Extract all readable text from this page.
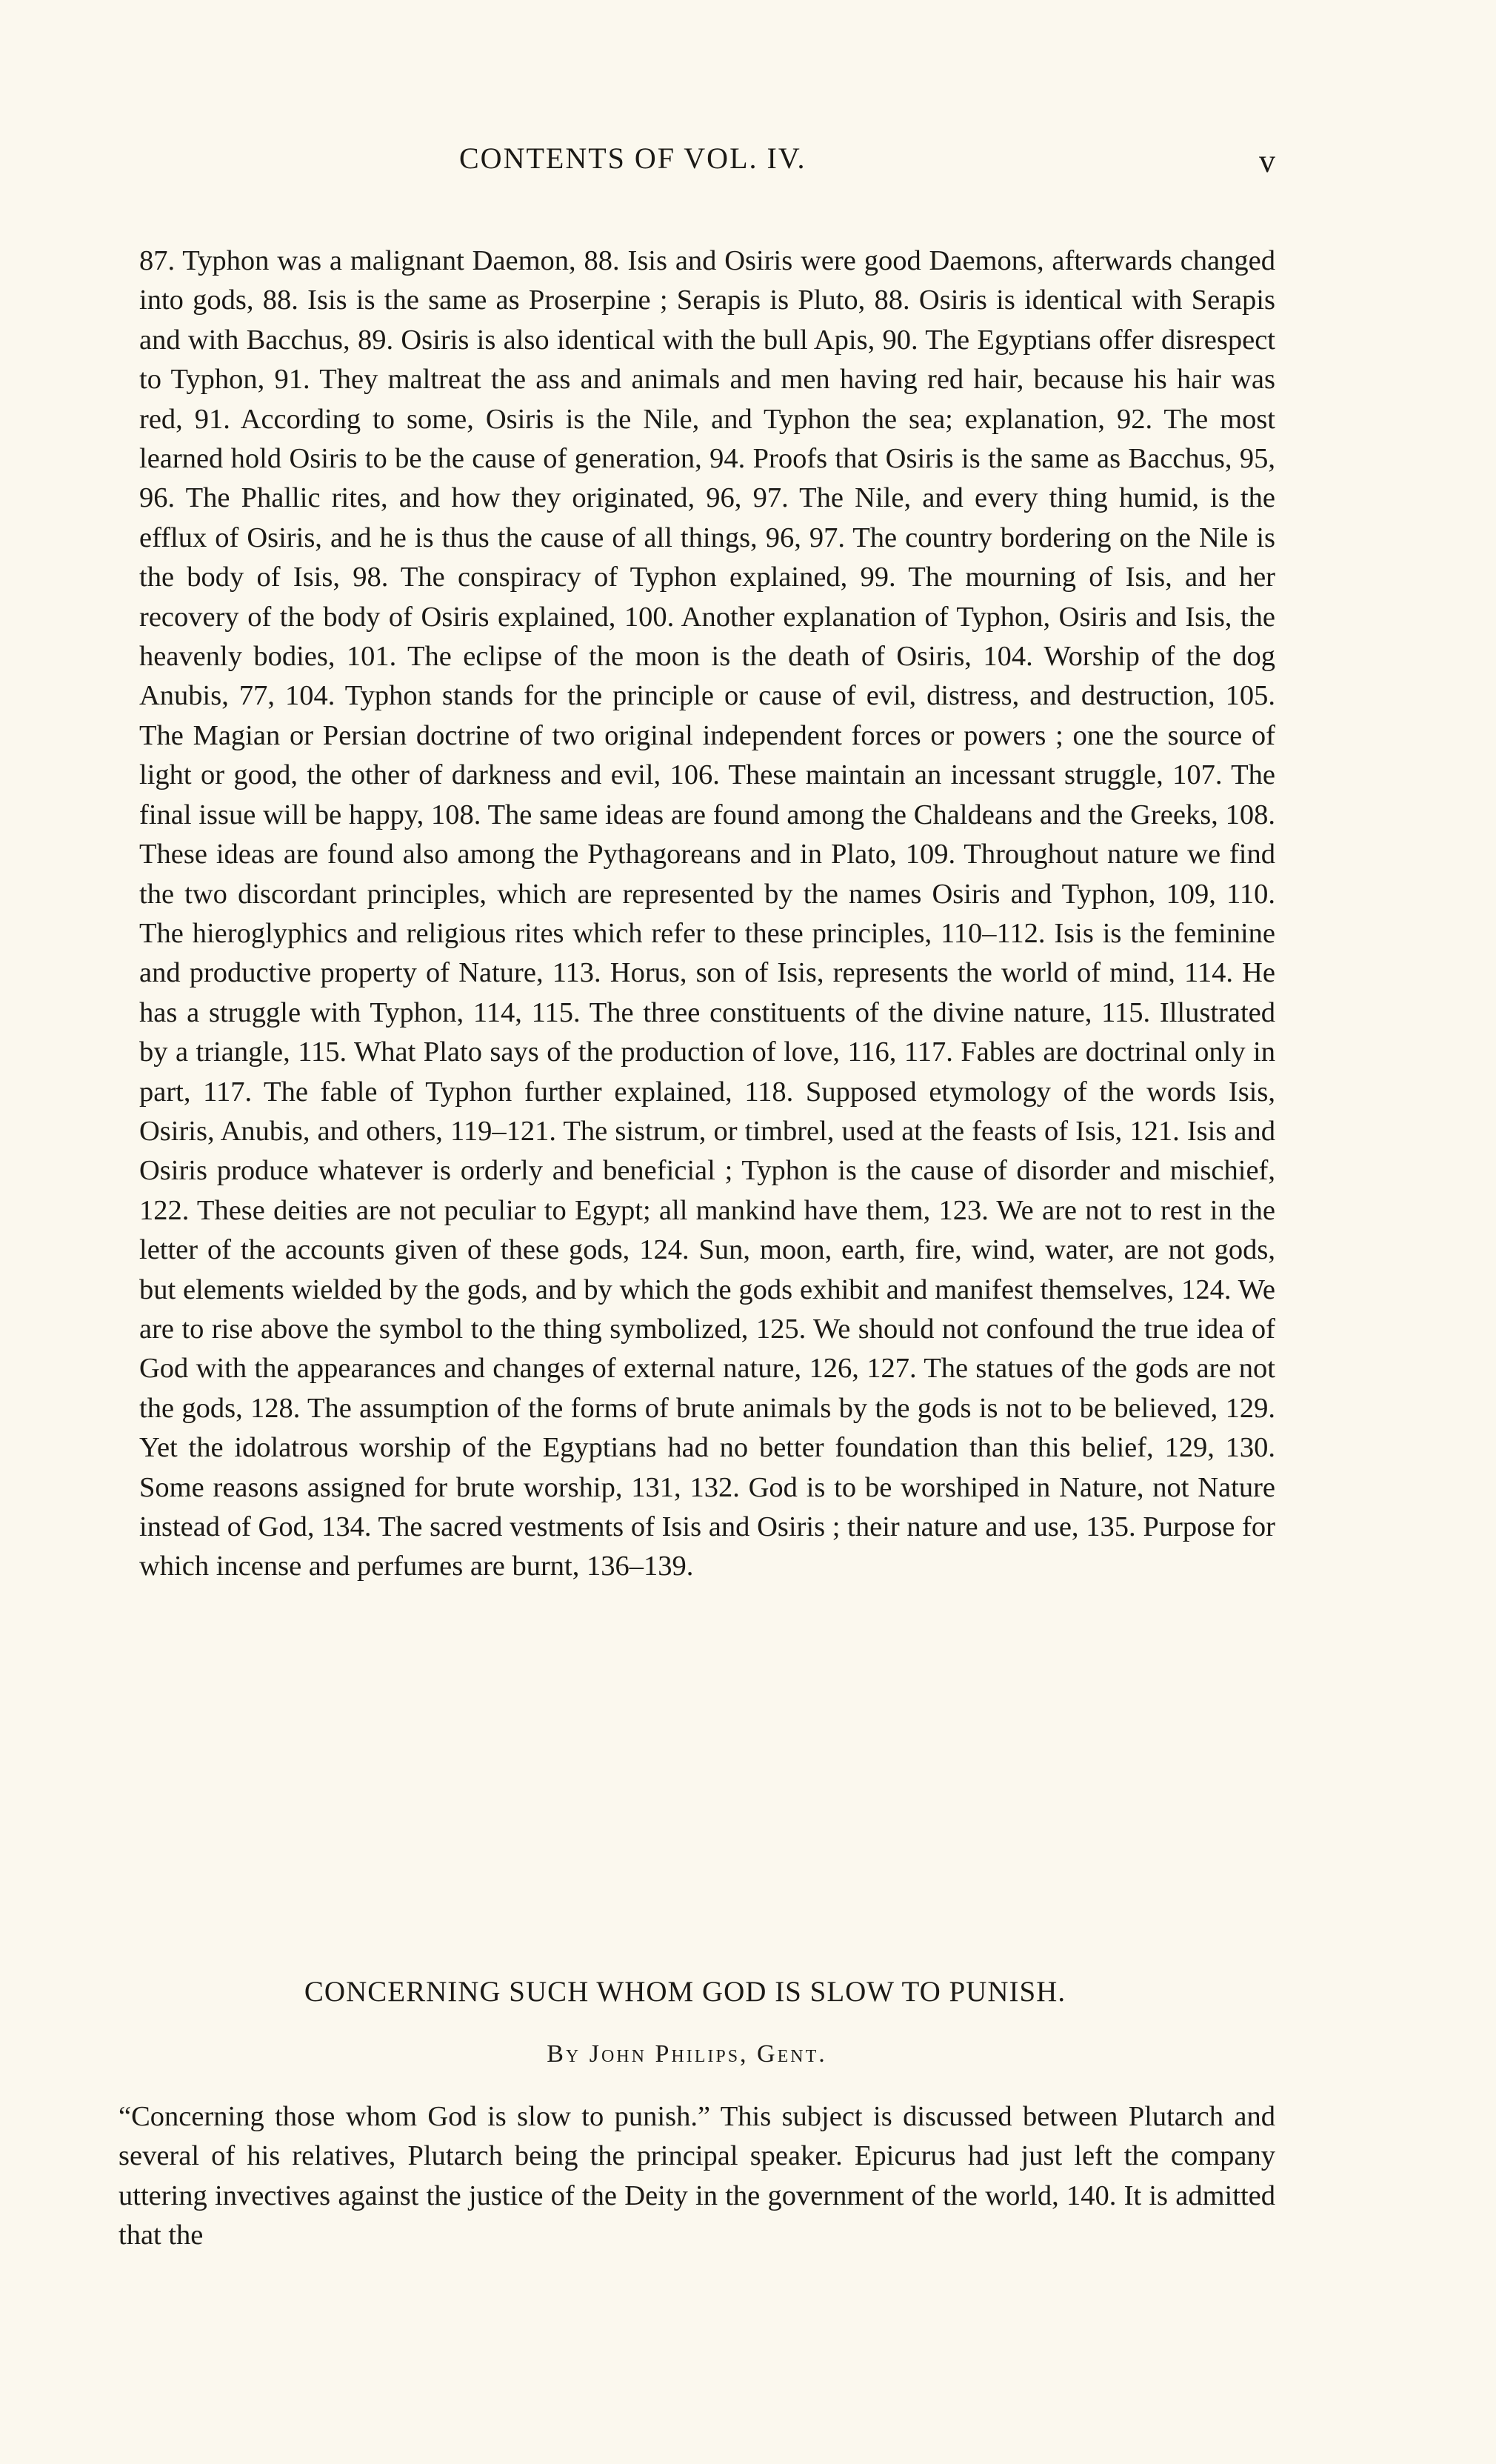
CONTENTS OF VOL. IV.	v

87. Typhon was a malignant Daemon, 88. Isis and Osiris were good Daemons, afterwards changed into gods, 88. Isis is the same as Proserpine ; Serapis is Pluto, 88. Osiris is identical with Serapis and with Bacchus, 89. Osiris is also identical with the bull Apis, 90. The Egyptians offer disrespect to Typhon, 91. They maltreat the ass and animals and men having red hair, because his hair was red, 91. According to some, Osiris is the Nile, and Typhon the sea; explanation, 92. The most learned hold Osiris to be the cause of generation, 94. Proofs that Osiris is the same as Bacchus, 95, 96. The Phallic rites, and how they originated, 96, 97. The Nile, and every thing humid, is the efflux of Osiris, and he is thus the cause of all things, 96, 97. The country bordering on the Nile is the body of Isis, 98. The conspiracy of Typhon explained, 99. The mourning of Isis, and her recovery of the body of Osiris explained, 100. Another explanation of Typhon, Osiris and Isis, the heavenly bodies, 101. The eclipse of the moon is the death of Osiris, 104. Worship of the dog Anubis, 77, 104. Typhon stands for the principle or cause of evil, distress, and destruction, 105. The Magian or Persian doctrine of two original independent forces or powers ; one the source of light or good, the other of darkness and evil, 106. These maintain an incessant struggle, 107. The final issue will be happy, 108. The same ideas are found among the Chaldeans and the Greeks, 108. These ideas are found also among the Pythagoreans and in Plato, 109. Throughout nature we find the two discordant principles, which are represented by the names Osiris and Typhon, 109, 110. The hieroglyphics and religious rites which refer to these principles, 110–112. Isis is the feminine and productive property of Nature, 113. Horus, son of Isis, represents the world of mind, 114. He has a struggle with Typhon, 114, 115. The three constituents of the divine nature, 115. Illustrated by a triangle, 115. What Plato says of the production of love, 116, 117. Fables are doctrinal only in part, 117. The fable of Typhon further explained, 118. Supposed etymology of the words Isis, Osiris, Anubis, and others, 119–121. The sistrum, or timbrel, used at the feasts of Isis, 121. Isis and Osiris produce whatever is orderly and beneficial ; Typhon is the cause of disorder and mischief, 122. These deities are not peculiar to Egypt; all mankind have them, 123. We are not to rest in the letter of the accounts given of these gods, 124. Sun, moon, earth, fire, wind, water, are not gods, but elements wielded by the gods, and by which the gods exhibit and manifest themselves, 124. We are to rise above the symbol to the thing symbolized, 125. We should not confound the true idea of God with the appearances and changes of external nature, 126, 127. The statues of the gods are not the gods, 128. The assumption of the forms of brute animals by the gods is not to be believed, 129. Yet the idolatrous worship of the Egyptians had no better foundation than this belief, 129, 130. Some reasons assigned for brute worship, 131, 132. God is to be worshiped in Nature, not Nature instead of God, 134. The sacred vestments of Isis and Osiris ; their nature and use, 135. Purpose for which incense and perfumes are burnt, 136–139.

CONCERNING SUCH WHOM GOD IS SLOW TO PUNISH.
By John Philips, Gent.

“Concerning those whom God is slow to punish.” This subject is discussed between Plutarch and several of his relatives, Plutarch being the principal speaker. Epicurus had just left the company uttering invectives against the justice of the Deity in the government of the world, 140. It is admitted that the
